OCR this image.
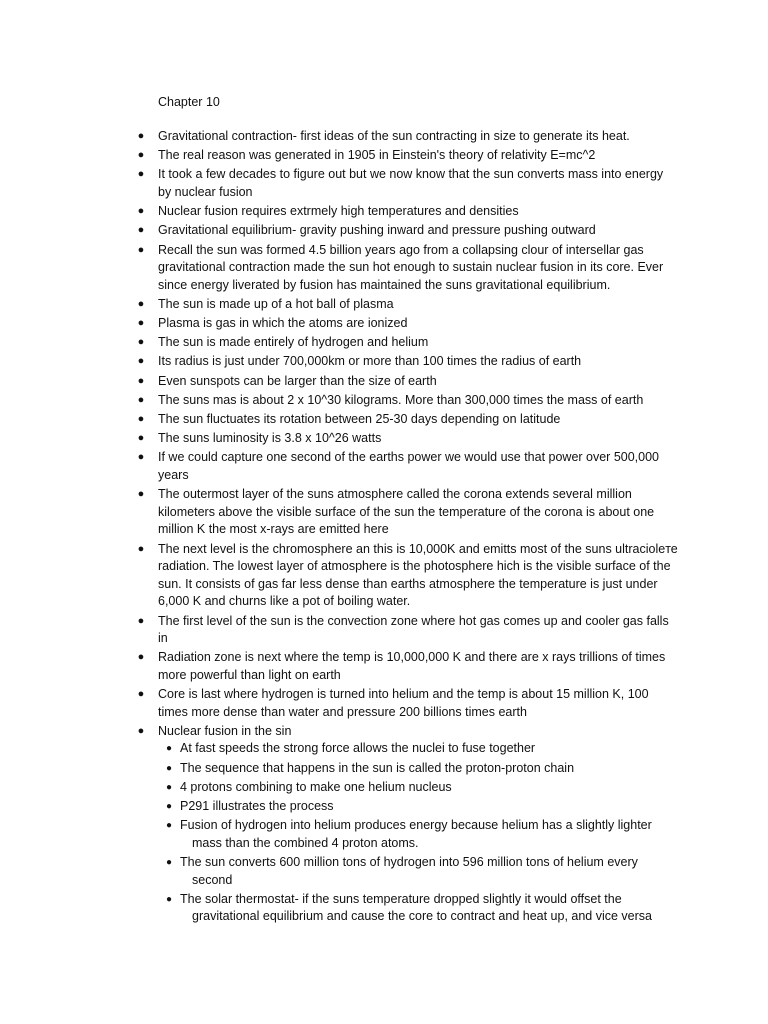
Chapter 10
● Gravitational contraction- first ideas of the sun contracting in size to generate its heat.
● The real reason was generated in 1905 in Einstein's theory of relativity E=mc^2
● It took a few decades to figure out but we now know that the sun converts mass into energy by nuclear fusion
● Nuclear fusion requires extrmely high temperatures and densities
● Gravitational equilibrium- gravity pushing inward and pressure pushing outward
● Recall the sun was formed 4.5 billion years ago from a collapsing clour of intersellar gas gravitational contraction made the sun hot enough to sustain nuclear fusion in its core. Ever since energy liverated by fusion has maintained the suns gravitational equilibrium.
● The sun is made up of a hot ball of plasma
● Plasma is gas in which the atoms are ionized
● The sun is made entirely of hydrogen and helium
● Its radius is just under 700,000km or more than 100 times the radius of earth
● Even sunspots can be larger than the size of earth
● The suns mas is about 2 x 10^30 kilograms. More than 300,000 times the mass of earth
● The sun fluctuates its rotation between 25-30 days depending on latitude
● The suns luminosity is 3.8 x 10^26 watts
● If we could capture one second of the earths power we would use that power over 500,000 years
● The outermost layer of the suns atmosphere called the corona extends several million kilometers above the visible surface of the sun the temperature of the corona is about one million K the most x-rays are emitted here
● The next level is the chromosphere an this is 10,000K and emitts most of the suns ultracioleте radiation. The lowest layer of atmosphere is the photosphere hich is the visible surface of the sun. It consists of gas far less dense than earths atmosphere the temperature is just under 6,000 K and churns like a pot of boiling water.
● The first level of the sun is the convection zone where hot gas comes up and cooler gas falls in
● Radiation zone is next where the temp is 10,000,000 K and there are x rays trillions of times more powerful than light on earth
● Core is last where hydrogen is turned into helium and the temp is about 15 million K, 100 times more dense than water and pressure 200 billions times earth
● Nuclear fusion in the sin
● At fast speeds the strong force allows the nuclei to fuse together
● The sequence that happens in the sun is called the proton-proton chain
● 4 protons combining to make one helium nucleus
● P291 illustrates the process
● Fusion of hydrogen into helium produces energy because helium has a slightly lighter mass than the combined 4 proton atoms.
● The sun converts 600 million tons of hydrogen into 596 million tons of helium every second
● The solar thermostat- if the suns temperature dropped slightly it would offset the gravitational equilibrium and cause the core to contract and heat up, and vice versa
